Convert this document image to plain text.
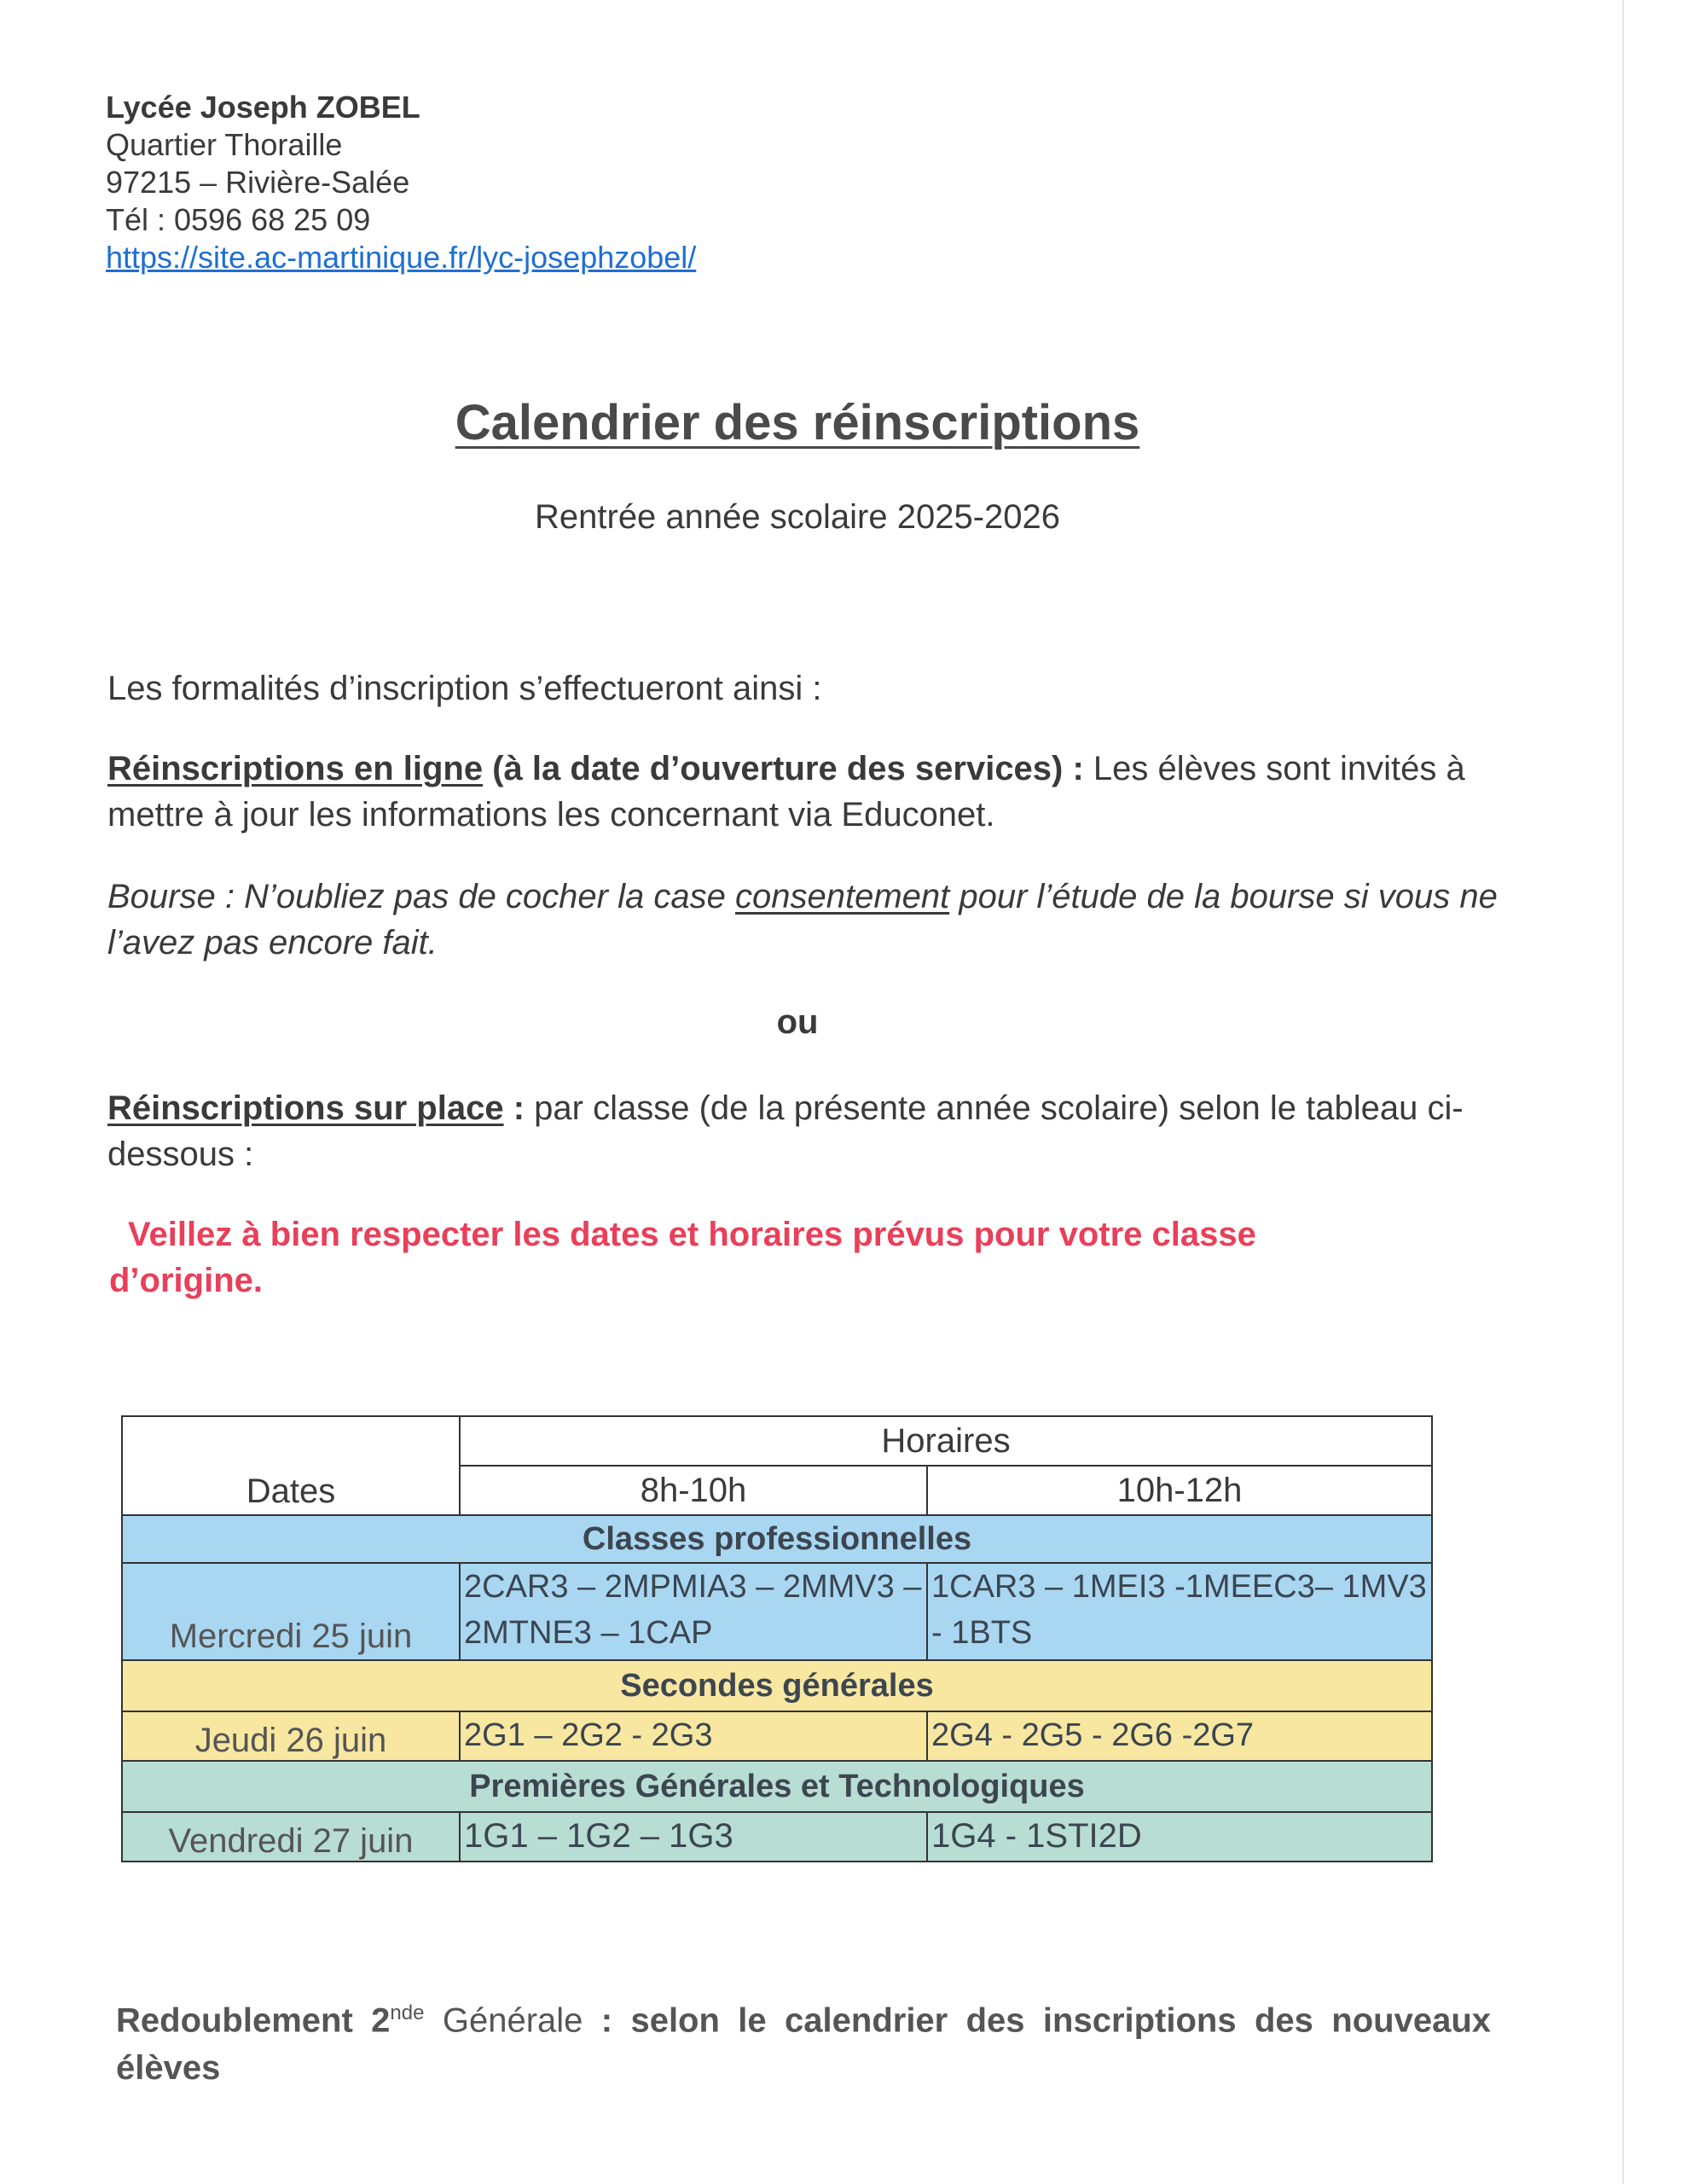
Lycée Joseph ZOBEL
Quartier Thoraille
97215 – Rivière-Salée
Tél : 0596 68 25 09
https://site.ac-martinique.fr/lyc-josephzobel/
Calendrier des réinscriptions
Rentrée année scolaire 2025-2026
Les formalités d’inscription s’effectueront ainsi :
Réinscriptions en ligne (à la date d’ouverture des services) : Les élèves sont invités à mettre à jour les informations les concernant via Educonet.
Bourse : N’oubliez pas de cocher la case consentement pour l’étude de la bourse si vous ne l’avez pas encore fait.
ou
Réinscriptions sur place : par classe (de la présente année scolaire) selon le tableau ci-dessous :
Veillez à bien respecter les dates et horaires prévus pour votre classe
d’origine.
Dates	Horaires	
	8h-10h	10h-12h
Classes professionnelles		
Mercredi 25 juin	2CAR3 – 2MPMIA3 – 2MMV3 – 2MTNE3 – 1CAP	1CAR3 – 1MEI3 -1MEEC3– 1MV3 - 1BTS
Secondes générales		
Jeudi 26 juin	2G1 – 2G2 - 2G3	2G4 - 2G5 - 2G6 -2G7
Premières Générales et Technologiques		
Vendredi 27 juin	1G1 – 1G2 – 1G3	1G4 - 1STI2D
Redoublement 2nde Générale : selon le calendrier des inscriptions des nouveaux élèves
